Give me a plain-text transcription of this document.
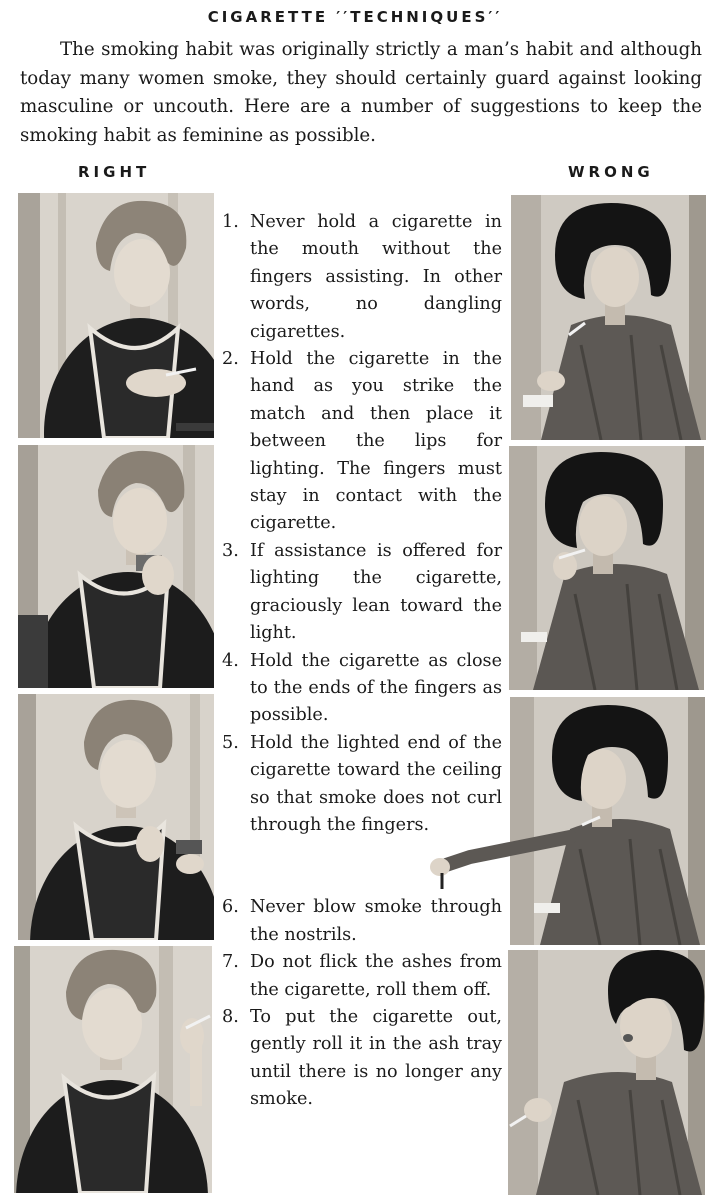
CIGARETTE ′′TECHNIQUES′′

The smoking habit was originally strictly a man’s habit and although today many women smoke, they should certainly guard against looking masculine or uncouth. Here are a number of suggestions to keep the smoking habit as feminine as possible.

RIGHT	WRONG
1. Never hold a cigarette in the mouth without the fingers assisting. In other words, no dangling cigarettes.
2. Hold the cigarette in the hand as you strike the match and then place it between the lips for lighting. The fingers must stay in contact with the cigarette.
3. If assistance is offered for lighting the cigarette, graciously lean toward the light.
4. Hold the cigarette as close to the ends of the fingers as possible.
5. Hold the lighted end of the cigarette toward the ceiling so that smoke does not curl through the fingers.
6. Never blow smoke through the nostrils.
7. Do not flick the ashes from the cigarette, roll them off.
8. To put the cigarette out, gently roll it in the ash tray until there is no longer any smoke.
